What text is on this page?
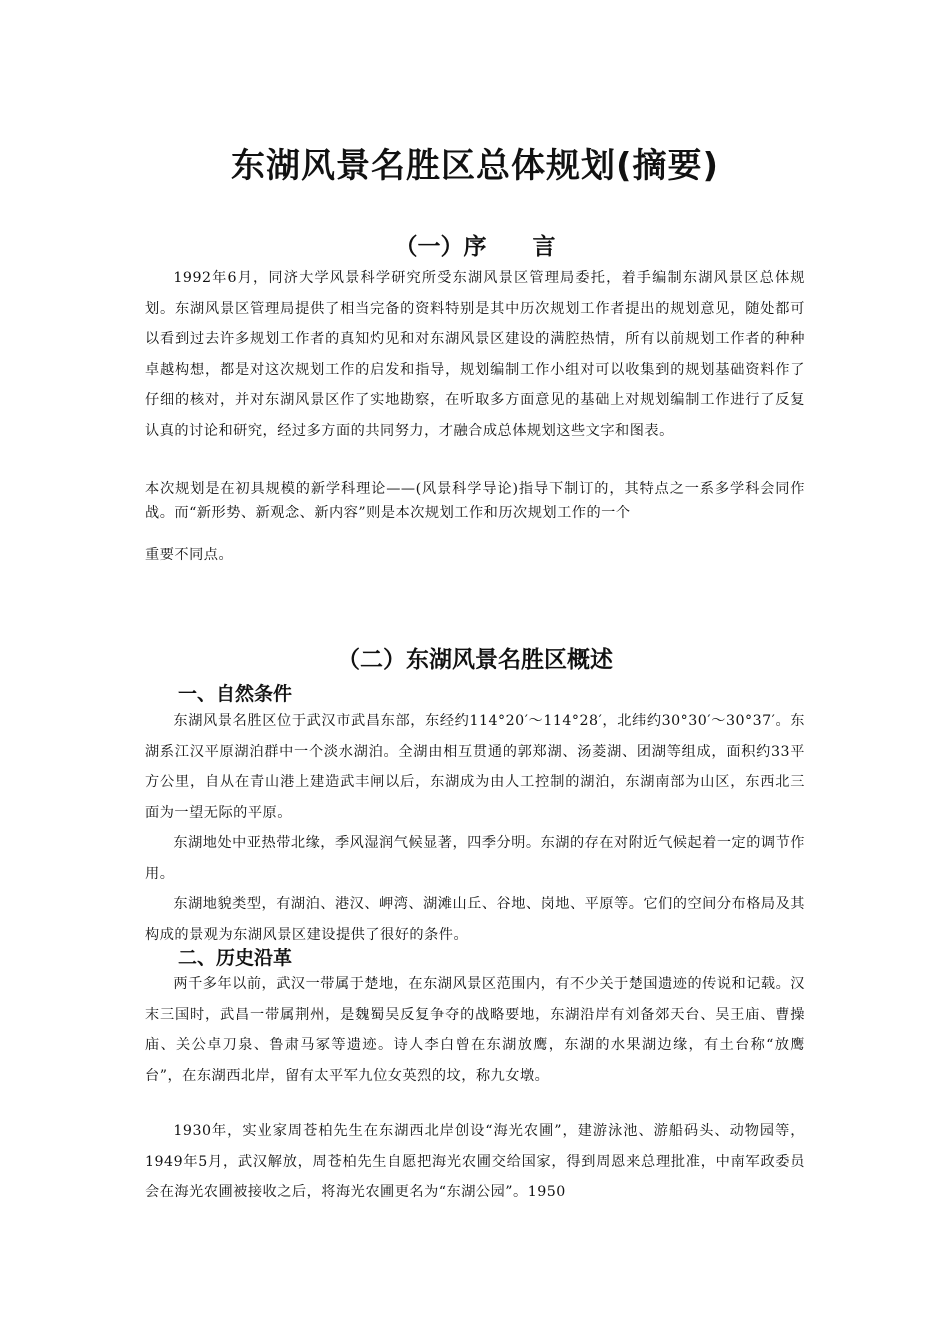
东湖风景名胜区总体规划(摘要)
（一）序　　言

1992年6月，同济大学风景科学研究所受东湖风景区管理局委托，着手编制东湖风景区总体规划。东湖风景区管理局提供了相当完备的资料特别是其中历次规划工作者提出的规划意见，随处都可以看到过去许多规划工作者的真知灼见和对东湖风景区建设的满腔热情，所有以前规划工作者的种种卓越构想，都是对这次规划工作的启发和指导，规划编制工作小组对可以收集到的规划基础资料作了仔细的核对，并对东湖风景区作了实地勘察，在听取多方面意见的基础上对规划编制工作进行了反复认真的讨论和研究，经过多方面的共同努力，才融合成总体规划这些文字和图表。

本次规划是在初具规模的新学科理论——(风景科学导论)指导下制订的，其特点之一系多学科会同作战。而“新形势、新观念、新内容”则是本次规划工作和历次规划工作的一个

重要不同点。

（二）东湖风景名胜区概述
一、自然条件

东湖风景名胜区位于武汉市武昌东部，东经约114°20′～114°28′，北纬约30°30′～30°37′。东湖系江汉平原湖泊群中一个淡水湖泊。全湖由相互贯通的郭郑湖、汤菱湖、团湖等组成，面积约33平方公里，自从在青山港上建造武丰闸以后，东湖成为由人工控制的湖泊，东湖南部为山区，东西北三面为一望无际的平原。

东湖地处中亚热带北缘，季风湿润气候显著，四季分明。东湖的存在对附近气候起着一定的调节作用。

东湖地貌类型，有湖泊、港汉、岬湾、湖滩山丘、谷地、岗地、平原等。它们的空间分布格局及其构成的景观为东湖风景区建设提供了很好的条件。

二、历史沿革

两千多年以前，武汉一带属于楚地，在东湖风景区范围内，有不少关于楚国遗迹的传说和记载。汉末三国时，武昌一带属荆州，是魏蜀吴反复争夺的战略要地，东湖沿岸有刘备郊天台、吴王庙、曹操庙、关公卓刀泉、鲁肃马冢等遗迹。诗人李白曾在东湖放鹰，东湖的水果湖边缘，有土台称“放鹰台”，在东湖西北岸，留有太平军九位女英烈的坟，称九女墩。

1930年，实业家周苍柏先生在东湖西北岸创设“海光农圃”，建游泳池、游船码头、动物园等，1949年5月，武汉解放，周苍柏先生自愿把海光农圃交给国家，得到周恩来总理批准，中南军政委员会在海光农圃被接收之后，将海光农圃更名为“东湖公园”。1950
